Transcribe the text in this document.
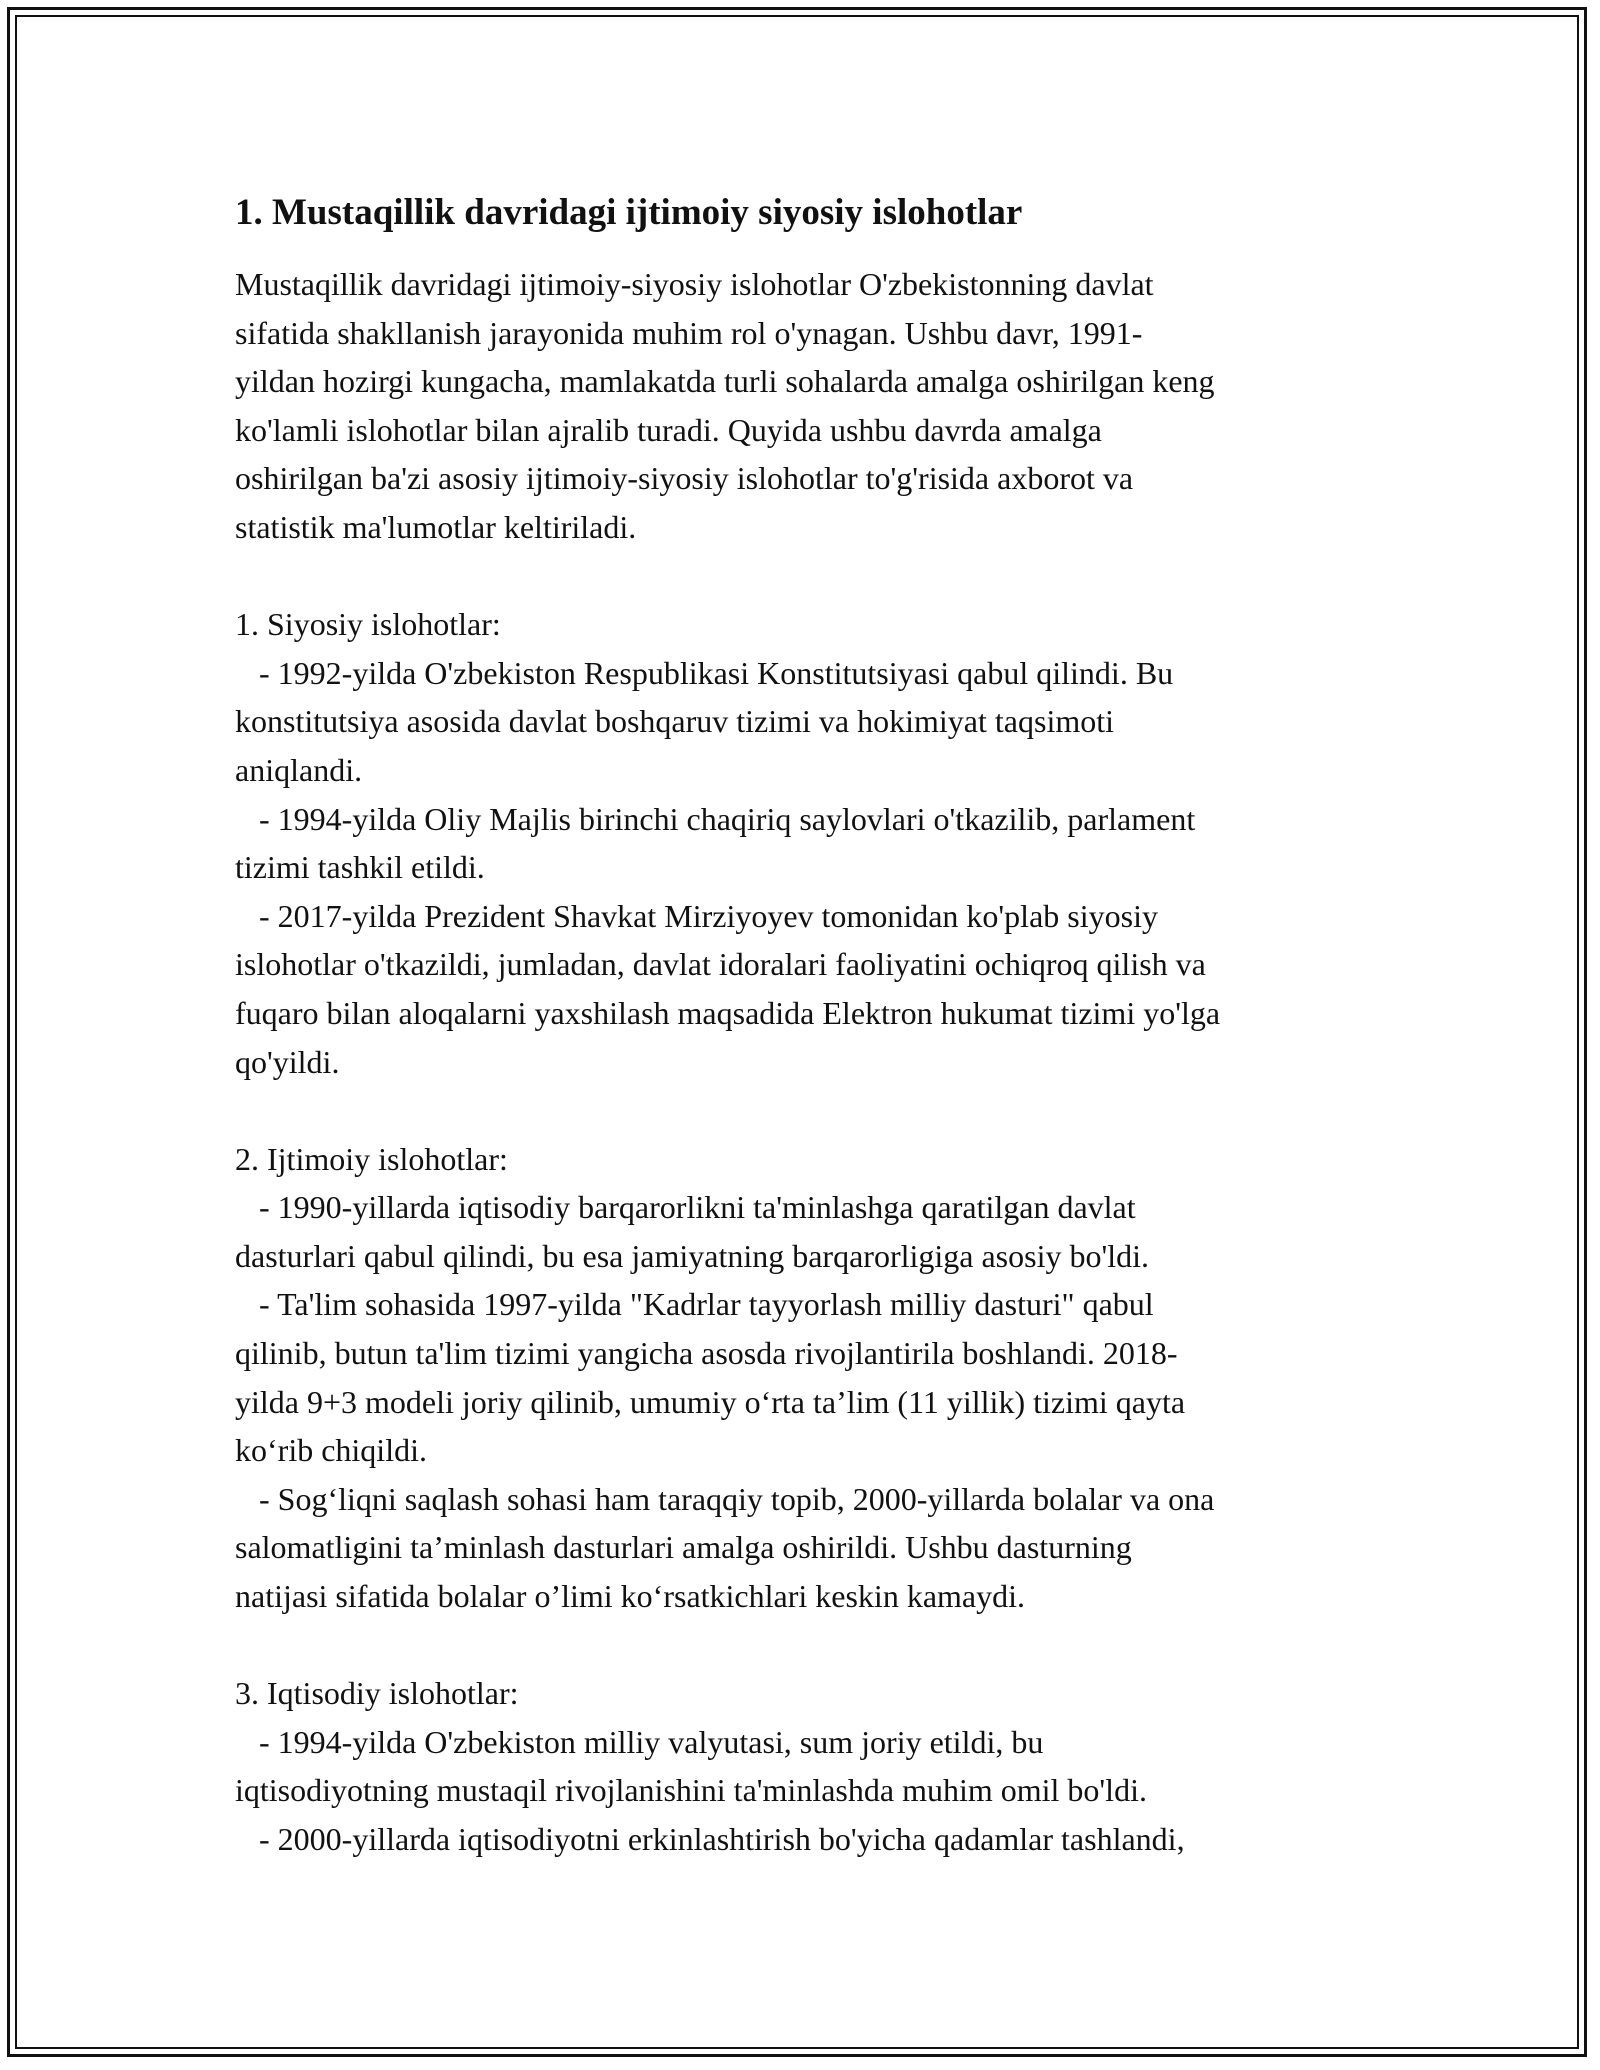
1. Mustaqillik davridagi ijtimoiy siyosiy islohotlar
Mustaqillik davridagi ijtimoiy-siyosiy islohotlar O'zbekistonning davlat
sifatida shakllanish jarayonida muhim rol o'ynagan. Ushbu davr, 1991-
yildan hozirgi kungacha, mamlakatda turli sohalarda amalga oshirilgan keng
ko'lamli islohotlar bilan ajralib turadi. Quyida ushbu davrda amalga
oshirilgan ba'zi asosiy ijtimoiy-siyosiy islohotlar to'g'risida axborot va
statistik ma'lumotlar keltiriladi.
1. Siyosiy islohotlar:
- 1992-yilda O'zbekiston Respublikasi Konstitutsiyasi qabul qilindi. Bu
konstitutsiya asosida davlat boshqaruv tizimi va hokimiyat taqsimoti
aniqlandi.
- 1994-yilda Oliy Majlis birinchi chaqiriq saylovlari o'tkazilib, parlament
tizimi tashkil etildi.
- 2017-yilda Prezident Shavkat Mirziyoyev tomonidan ko'plab siyosiy
islohotlar o'tkazildi, jumladan, davlat idoralari faoliyatini ochiqroq qilish va
fuqaro bilan aloqalarni yaxshilash maqsadida Elektron hukumat tizimi yo'lga
qo'yildi.
2. Ijtimoiy islohotlar:
- 1990-yillarda iqtisodiy barqarorlikni ta'minlashga qaratilgan davlat
dasturlari qabul qilindi, bu esa jamiyatning barqarorligiga asosiy bo'ldi.
- Ta'lim sohasida 1997-yilda "Kadrlar tayyorlash milliy dasturi" qabul
qilinib, butun ta'lim tizimi yangicha asosda rivojlantirila boshlandi. 2018-
yilda 9+3 modeli joriy qilinib, umumiy o‘rta ta’lim (11 yillik) tizimi qayta
ko‘rib chiqildi.
- Sog‘liqni saqlash sohasi ham taraqqiy topib, 2000-yillarda bolalar va ona
salomatligini ta’minlash dasturlari amalga oshirildi. Ushbu dasturning
natijasi sifatida bolalar o’limi ko‘rsatkichlari keskin kamaydi.
3. Iqtisodiy islohotlar:
- 1994-yilda O'zbekiston milliy valyutasi, sum joriy etildi, bu
iqtisodiyotning mustaqil rivojlanishini ta'minlashda muhim omil bo'ldi.
- 2000-yillarda iqtisodiyotni erkinlashtirish bo'yicha qadamlar tashlandi,
